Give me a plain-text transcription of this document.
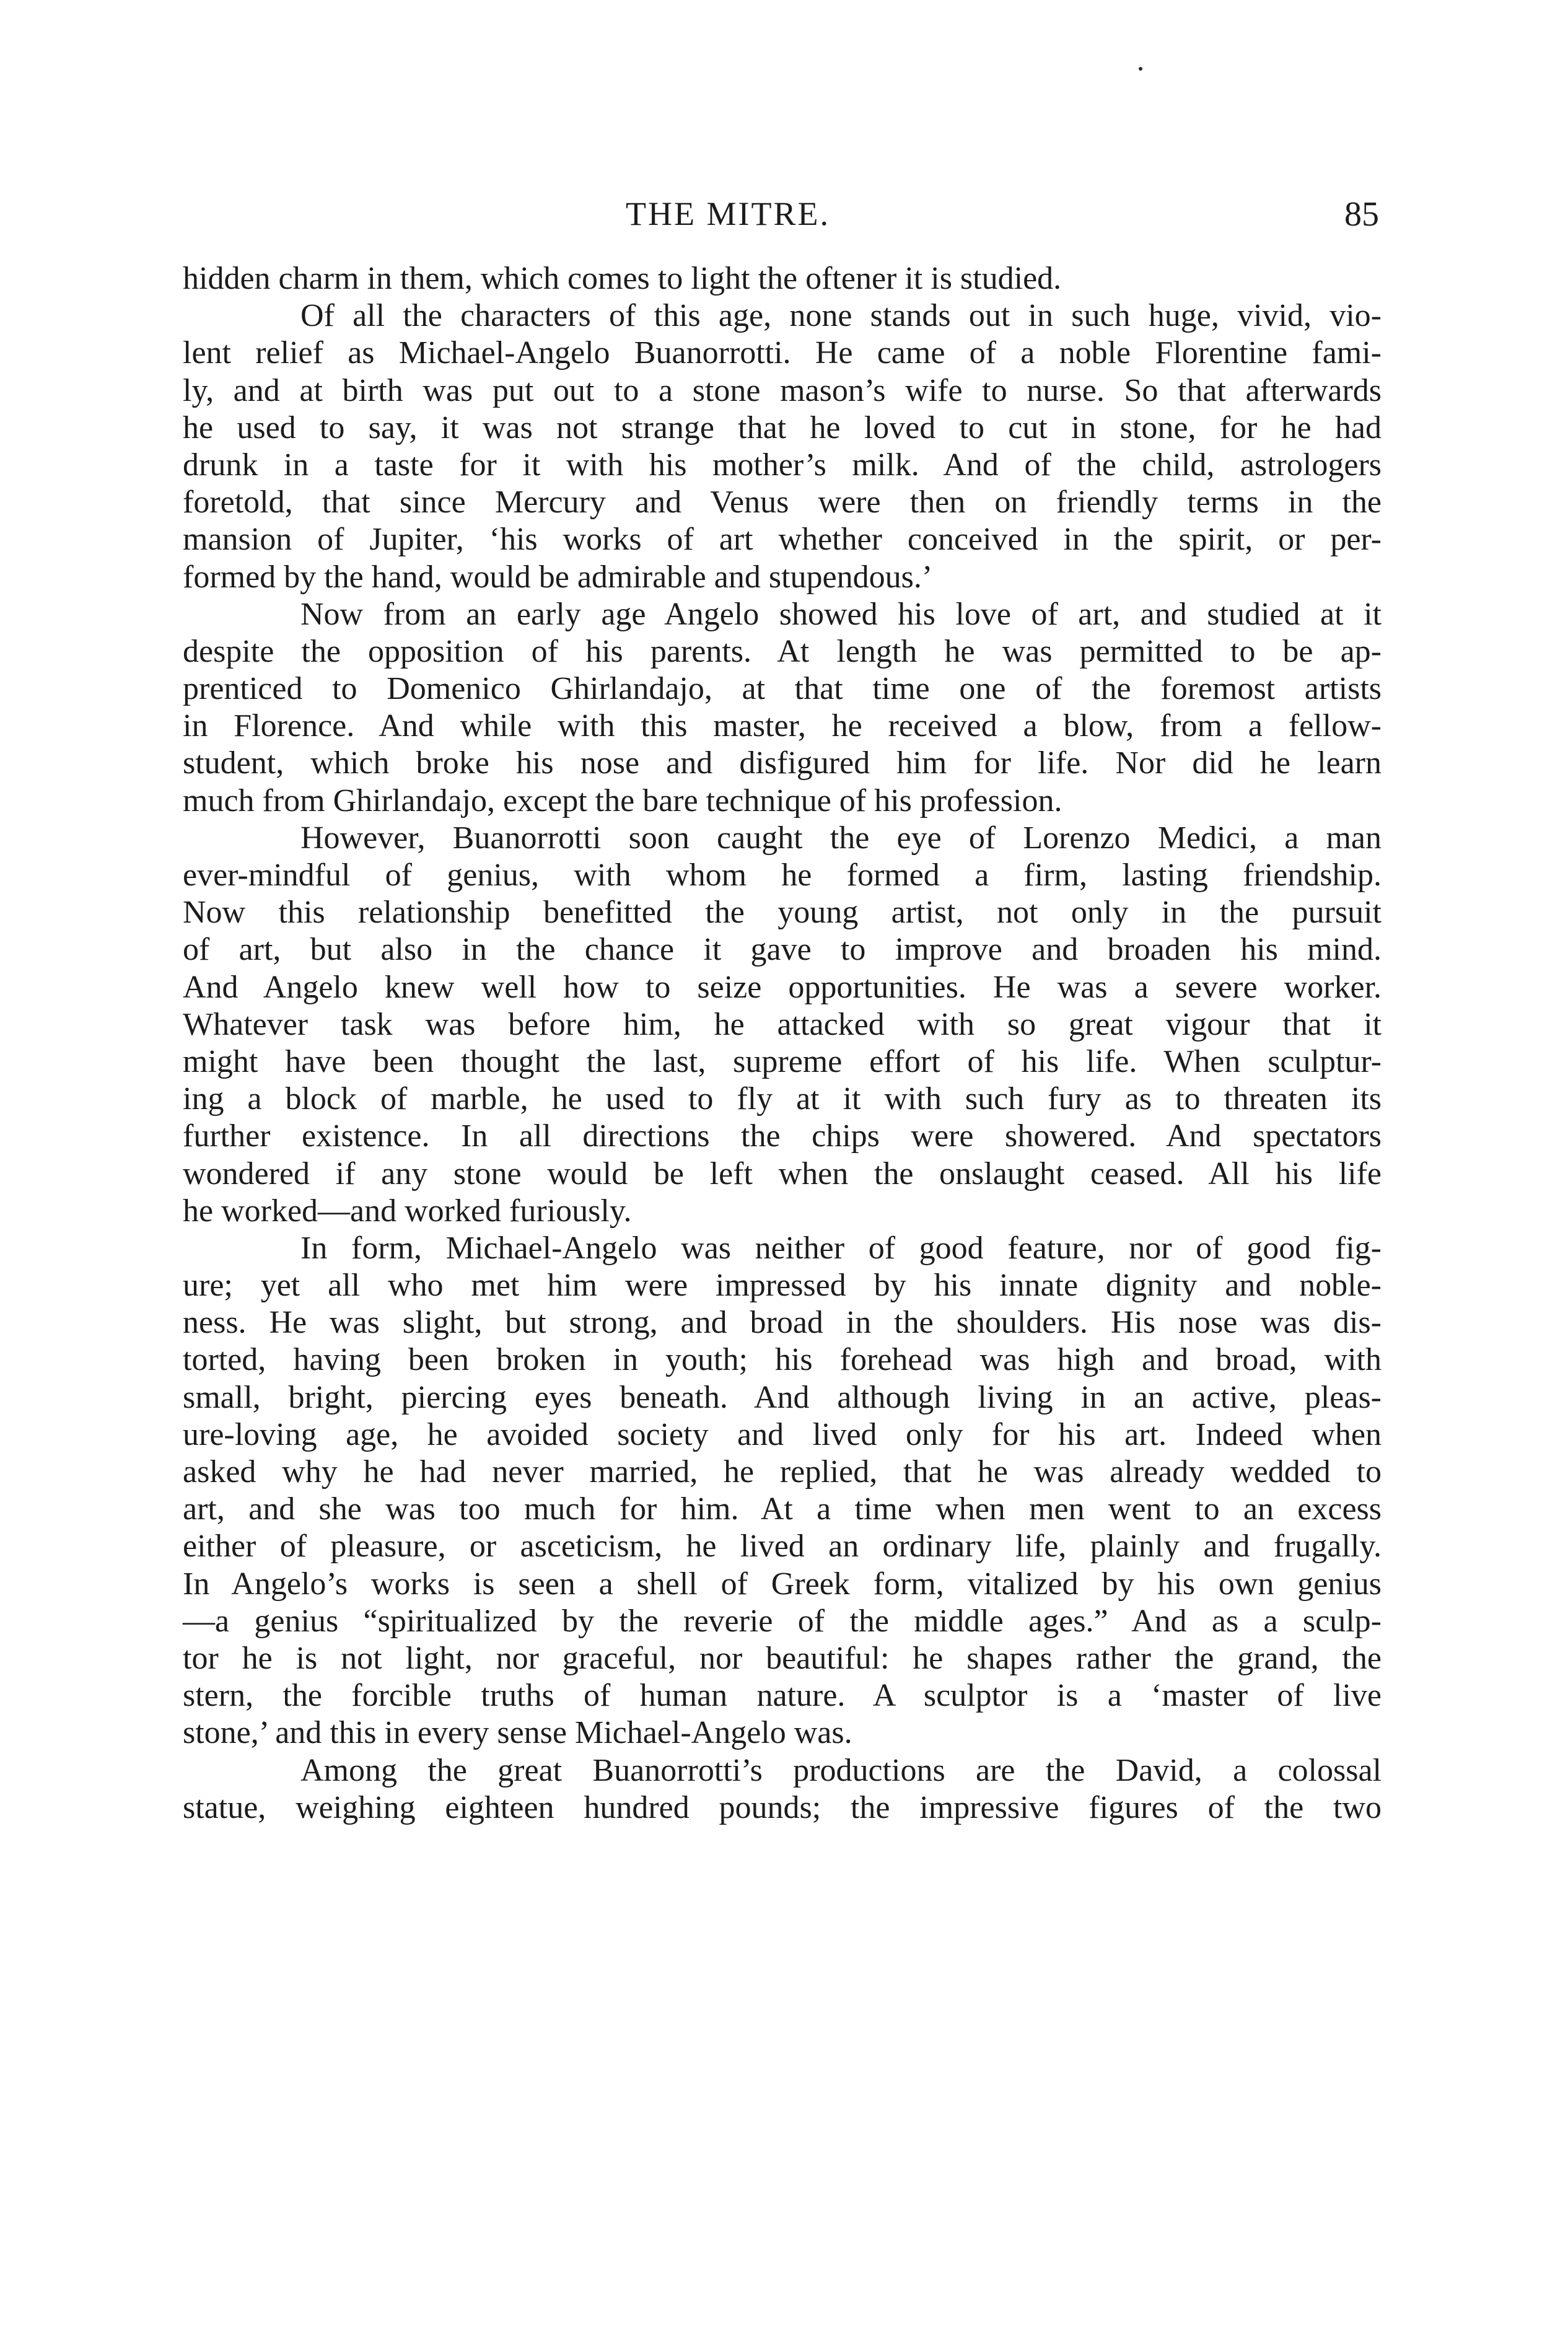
THE MITRE.	85
hidden charm in them, which comes to light the oftener it is studied.
Of all the characters of this age, none stands out in such huge, vivid, vio-
lent relief as Michael-Angelo Buanorrotti. He came of a noble Florentine fami-
ly, and at birth was put out to a stone mason’s wife to nurse. So that afterwards
he used to say, it was not strange that he loved to cut in stone, for he had
drunk in a taste for it with his mother’s milk. And of the child, astrologers
foretold, that since Mercury and Venus were then on friendly terms in the
mansion of Jupiter, ‘his works of art whether conceived in the spirit, or per-
formed by the hand, would be admirable and stupendous.’
Now from an early age Angelo showed his love of art, and studied at it
despite the opposition of his parents. At length he was permitted to be ap-
prenticed to Domenico Ghirlandajo, at that time one of the foremost artists
in Florence. And while with this master, he received a blow, from a fellow-
student, which broke his nose and disfigured him for life. Nor did he learn
much from Ghirlandajo, except the bare technique of his profession.
However, Buanorrotti soon caught the eye of Lorenzo Medici, a man
ever-mindful of genius, with whom he formed a firm, lasting friendship.
Now this relationship benefitted the young artist, not only in the pursuit
of art, but also in the chance it gave to improve and broaden his mind.
And Angelo knew well how to seize opportunities. He was a severe worker.
Whatever task was before him, he attacked with so great vigour that it
might have been thought the last, supreme effort of his life. When sculptur-
ing a block of marble, he used to fly at it with such fury as to threaten its
further existence. In all directions the chips were showered. And spectators
wondered if any stone would be left when the onslaught ceased. All his life
he worked—and worked furiously.
In form, Michael-Angelo was neither of good feature, nor of good fig-
ure; yet all who met him were impressed by his innate dignity and noble-
ness. He was slight, but strong, and broad in the shoulders. His nose was dis-
torted, having been broken in youth; his forehead was high and broad, with
small, bright, piercing eyes beneath. And although living in an active, pleas-
ure-loving age, he avoided society and lived only for his art. Indeed when
asked why he had never married, he replied, that he was already wedded to
art, and she was too much for him. At a time when men went to an excess
either of pleasure, or asceticism, he lived an ordinary life, plainly and frugally.
In Angelo’s works is seen a shell of Greek form, vitalized by his own genius
—a genius “spiritualized by the reverie of the middle ages.” And as a sculp-
tor he is not light, nor graceful, nor beautiful: he shapes rather the grand, the
stern, the forcible truths of human nature. A sculptor is a ‘master of live
stone,’ and this in every sense Michael-Angelo was.
Among the great Buanorrotti’s productions are the David, a colossal
statue, weighing eighteen hundred pounds; the impressive figures of the two
